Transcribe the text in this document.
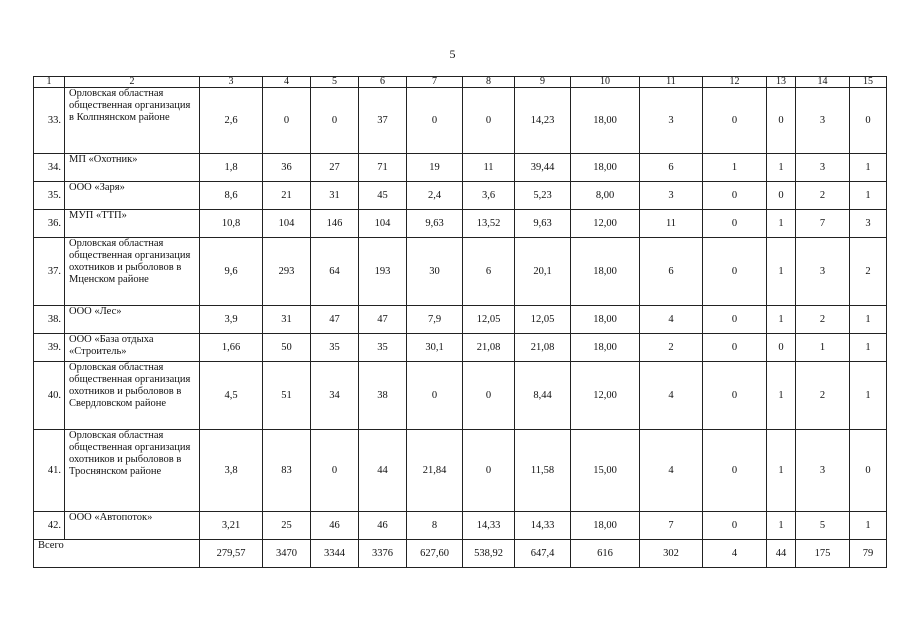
5
1	2	3	4	5	6	7	8	9	10	11	12	13	14	15
33.	Орловская областная общественная организация в Колпнянском районе	2,6	0	0	37	0	0	14,23	18,00	3	0	0	3	0
34.	МП «Охотник»	1,8	36	27	71	19	11	39,44	18,00	6	1	1	3	1
35.	ООО «Заря»	8,6	21	31	45	2,4	3,6	5,23	8,00	3	0	0	2	1
36.	МУП «ТТП»	10,8	104	146	104	9,63	13,52	9,63	12,00	11	0	1	7	3
37.	Орловская областная общественная организация охотников и рыболовов в Мценском районе	9,6	293	64	193	30	6	20,1	18,00	6	0	1	3	2
38.	ООО «Лес»	3,9	31	47	47	7,9	12,05	12,05	18,00	4	0	1	2	1
39.	ООО «База отдыха «Строитель»	1,66	50	35	35	30,1	21,08	21,08	18,00	2	0	0	1	1
40.	Орловская областная общественная организация охотников и рыболовов в Свердловском районе	4,5	51	34	38	0	0	8,44	12,00	4	0	1	2	1
41.	Орловская областная общественная организация охотников и рыболовов в Троснянском районе	3,8	83	0	44	21,84	0	11,58	15,00	4	0	1	3	0
42.	ООО «Автопоток»	3,21	25	46	46	8	14,33	14,33	18,00	7	0	1	5	1
Всего		279,57	3470	3344	3376	627,60	538,92	647,4	616	302	4	44	175	79
